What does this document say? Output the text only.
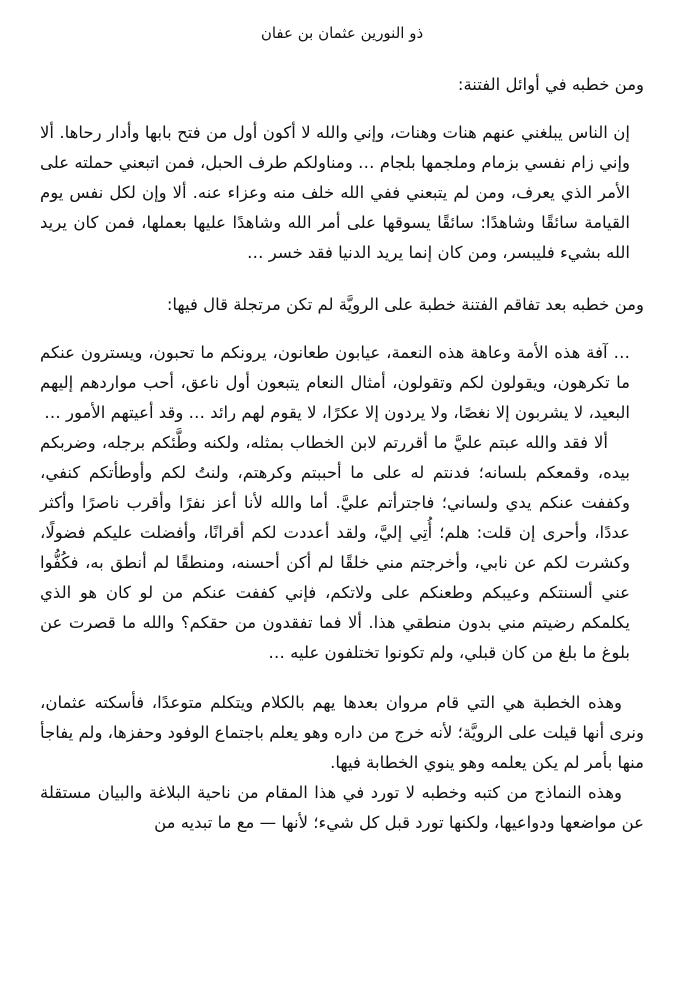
ذو النورين عثمان بن عفان

ومن خطبه في أوائل الفتنة:

إن الناس يبلغني عنهم هنات وهنات، وإني والله لا أكون أول من فتح بابها وأدار رحاها. ألا وإني زام نفسي بزمام وملجمها بلجام … ومناولكم طرف الحبل، فمن اتبعني حملته على الأمر الذي يعرف، ومن لم يتبعني ففي الله خلف منه وعزاء عنه. ألا وإن لكل نفس يوم القيامة سائقًا وشاهدًا: سائقًا يسوقها على أمر الله وشاهدًا عليها بعملها، فمن كان يريد الله بشيء فليبسر، ومن كان إنما يريد الدنيا فقد خسر …

ومن خطبه بعد تفاقم الفتنة خطبة على الرويَّة لم تكن مرتجلة قال فيها:

… آفة هذه الأمة وعاهة هذه النعمة، عيابون طعانون، يرونكم ما تحبون، ويسترون عنكم ما تكرهون، ويقولون لكم وتقولون، أمثال النعام يتبعون أول ناعق، أحب مواردهم إليهم البعيد، لا يشربون إلا نغصًا، ولا يردون إلا عكرًا، لا يقوم لهم رائد … وقد أعيتهم الأمور …

ألا فقد والله عبتم عليَّ ما أقررتم لابن الخطاب بمثله، ولكنه وطَّئكم برجله، وضربكم بيده، وقمعكم بلسانه؛ فدنتم له على ما أحببتم وكرهتم، ولنتُ لكم وأوطأتكم كنفي، وكففت عنكم يدي ولساني؛ فاجترأتم عليَّ. أما والله لأنا أعز نفرًا وأقرب ناصرًا وأكثر عددًا، وأحرى إن قلت: هلم؛ أُتِي إليَّ، ولقد أعددت لكم أقرانًا، وأفضلت عليكم فضولًا، وكشرت لكم عن نابي، وأخرجتم مني خلقًا لم أكن أحسنه، ومنطقًا لم أنطق به، فكُفُّوا عني ألسنتكم وعيبكم وطعنكم على ولاتكم، فإني كففت عنكم من لو كان هو الذي يكلمكم رضيتم مني بدون منطقي هذا. ألا فما تفقدون من حقكم؟ والله ما قصرت عن بلوغ ما بلغ من كان قبلي، ولم تكونوا تختلفون عليه …

وهذه الخطبة هي التي قام مروان بعدها يهم بالكلام ويتكلم متوعدًا، فأسكته عثمان، ونرى أنها قيلت على الرويَّة؛ لأنه خرج من داره وهو يعلم باجتماع الوفود وحفزها، ولم يفاجأ منها بأمر لم يكن يعلمه وهو ينوي الخطابة فيها.

وهذه النماذج من كتبه وخطبه لا تورد في هذا المقام من ناحية البلاغة والبيان مستقلة عن مواضعها ودواعيها، ولكنها تورد قبل كل شيء؛ لأنها — مع ما تبديه من
